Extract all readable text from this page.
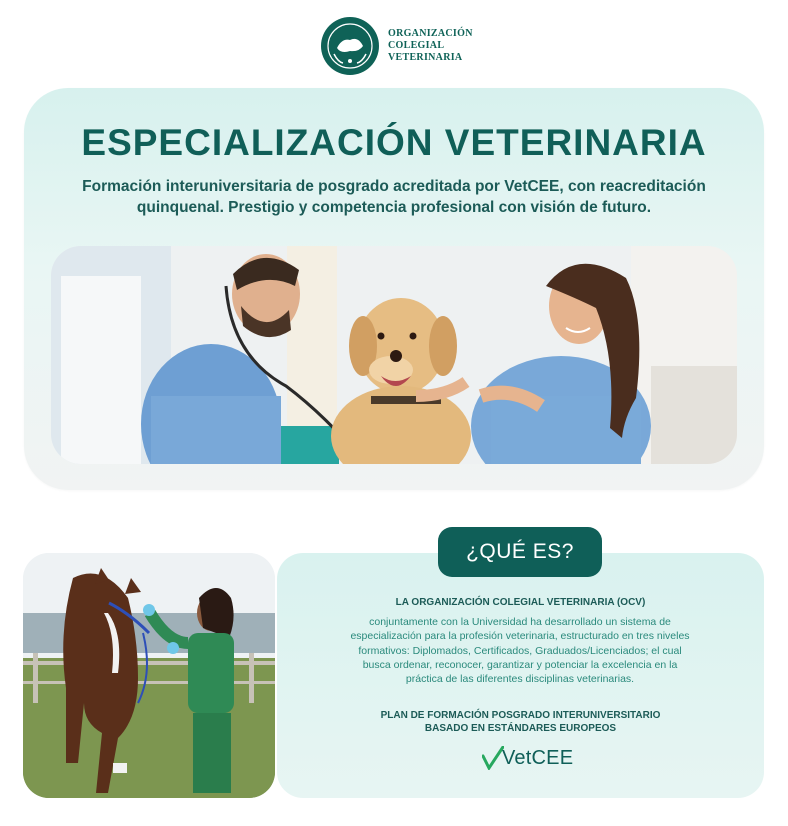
ORGANIZACIÓN
COLEGIAL
VETERINARIA
ESPECIALIZACIÓN VETERINARIA
Formación interuniversitaria de posgrado acreditada por VetCEE, con reacreditación
quinquenal. Prestigio y competencia profesional con visión de futuro.
¿QUÉ ES?
LA ORGANIZACIÓN COLEGIAL VETERINARIA (OCV)
conjuntamente con la Universidad ha desarrollado un sistema de
especialización para la profesión veterinaria, estructurado en tres niveles
formativos: Diplomados, Certificados, Graduados/Licenciados; el cual
busca ordenar, reconocer, garantizar y potenciar la excelencia en la
práctica de las diferentes disciplinas veterinarias.
PLAN DE FORMACIÓN POSGRADO INTERUNIVERSITARIO
BASADO EN ESTÁNDARES EUROPEOS
VetCEE
